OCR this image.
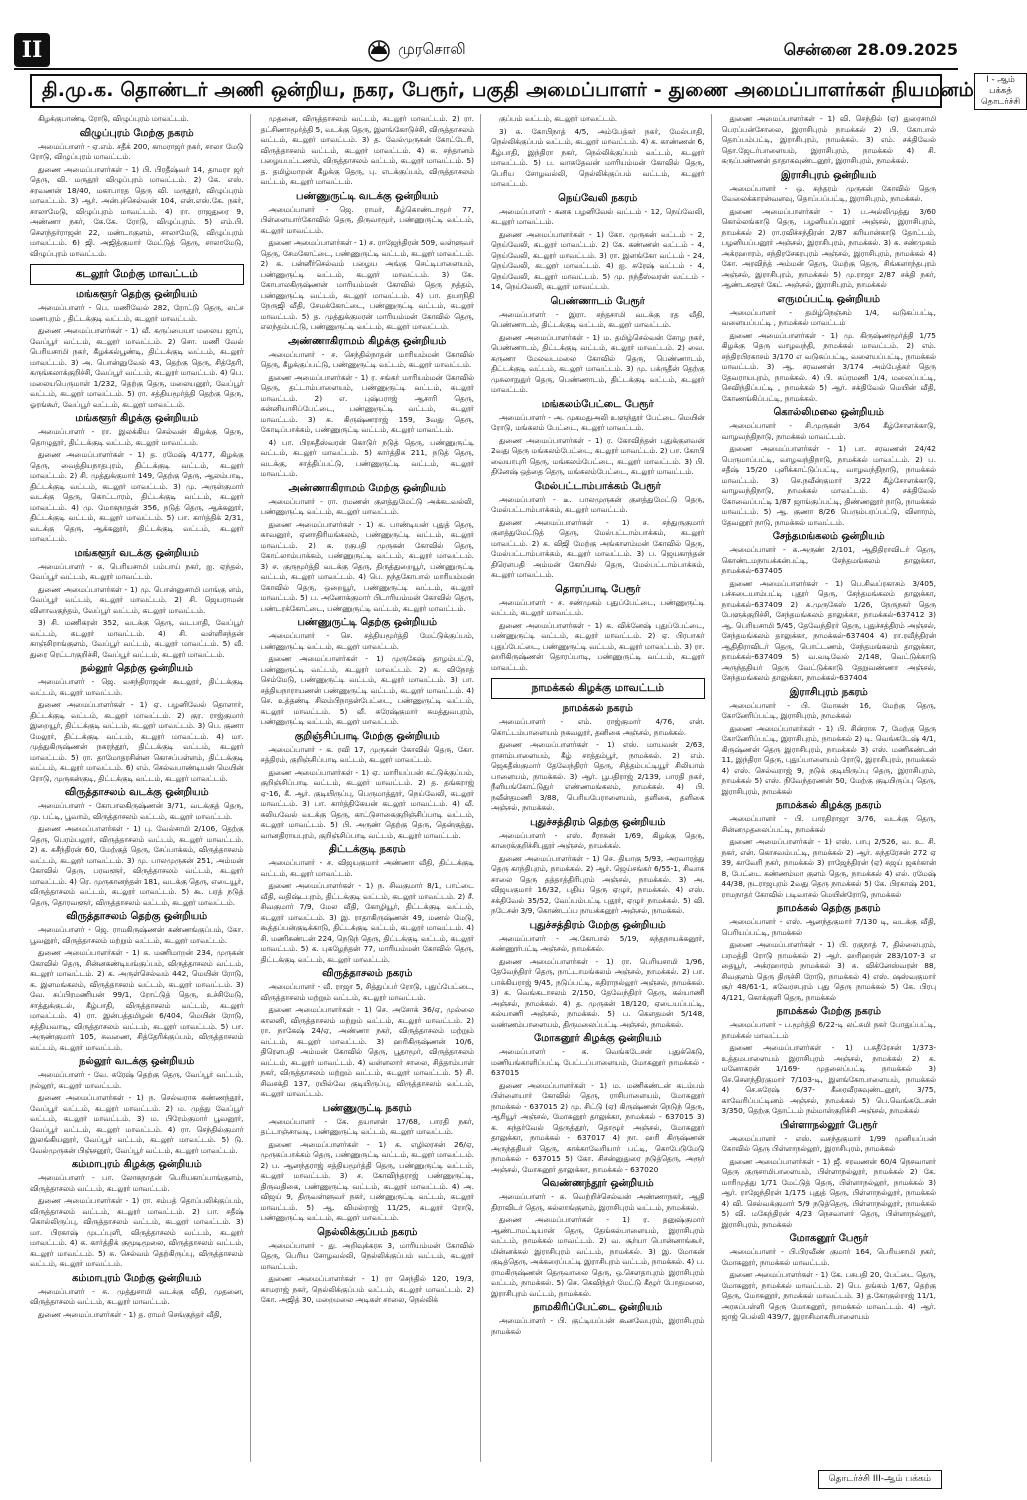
II	முரசொலி	சென்னை 28.09.2025
தி.மு.க. தொண்டர் அணி ஒன்றிய, நகர, பேரூர், பகுதி அமைப்பாளர் - துணை அமைப்பாளர்கள் நியமனம்	I - ஆம் பக்கத்
தொடர்ச்சி
கிழக்குபாண்டி ரோடு, விழுப்புரம் மாவட்டம்.
விழுப்புரம் மேற்கு நகரம்
அமைப்பாளர் - ஏ.எம். சதீக் 200, காமராஜர் நகர், சாலா மேடு ரோடு, விழுப்புரம் மாவட்டம்.
துணை அமைப்பாளர்கள் - 1) பி. பிரதீஷ்வர் 14, தாமரா ஜர் தெரு, வி. மருதூர் விழுப்புரம் மாவட்டம். 2) கே. எஸ். சரவணன் 18/40, மகாபாரத தெரு வி. மருதூர், விழுப்புரம் மாவட்டம். 3) ஆர். அன்புச்செல்வன் 104, என்.எஸ்.கே. நகர், சாலாமேடு, விழுப்புரம் மாவட்டம். 4) ரா. ராஜதுரை 9, அண்ணா நகர், கே.கே. ரோடு, விழுப்புரம். 5) எம்.பி. செளந்தர்ராஜன் 22, மண்டாகுளம், சாலாமேடு, விழுப்புரம் மாவட்டம். 6) ஜி. அஜித்குமார் மேட்டுத் தெரு, சாலாமேடு, விழுப்புரம் மாவட்டம்.
கடலூர் மேற்கு மாவட்டம்
மங்களூர் தெற்கு ஒன்றியம்
அமைப்பாளர் - பெ. மணிவேல் 282, ரோட்டு தெரு, லட்ச மணபுரம் , திட்டக்குடி வட்டம், கடலூர் மாவட்டம்.
துணை அமைப்பாளர்கள் - 1) வீ. கருப்பையா மலைய ஜாப், வேப்பூர் வட்டம், கடலூர் மாவட்டம். 2) சொ. மணி வேல் பெரியசாமி நகர், கீழக்கல்பூண்டி, திட்டக்குடி வட்டம், கடலூர் மாவட்டம். 3) அ. பொன்னுவேல் 43, தெற்கு தெரு, சித்தேரி, கருங்கலாக்குறிச்சி, வேப்பூர் வட்டம், கடலூர் மாவட்டம். 4) பெ. மலையபெருமாள் 1/232, தெற்கு தெரு, மலையனூர், வேப்பூர் வட்டம், கடலூர் மாவட்டம். 5) ரா. சத்தியமூர்த்தி தெற்கு தெரு, ஓரங்கூர், வேப்பூர் வட்டம், கடலூர் மாவட்டம்.
மங்களூர் கிழக்கு ஒன்றியம்
அமைப்பாளர் - ரா. இலக்கிய செல்வன் கிழக்கு தெரு, தொழுதூர், திட்டக்குடி வட்டம், கடலூர் மாவட்டம்.
துணை அமைப்பாளர்கள் - 1) த. ரமேஷ் 4/177, கிழக்கு தெரு, வைத்தியநாதபுரம், திட்டக்குடி வட்டம், கடலூர் மாவட்டம். 2) சி. முத்துக்குமார் 149, தெற்கு தெரு, ஆலம்பாடி, திட்டக்குடி வட்டம், கடலூர் மாவட்டம். 3) மு. அருள்குமார் வடக்கு தெரு, கொட்டாரம், திட்டக்குடி வட்டம், கடலூர் மாவட்டம். 4) மு. மோகநாதன் 356, நடுத் தெரு, ஆக்கனூர், திட்டக்குடி வட்டம், கடலூர் மாவட்டம். 5) பா. கார்த்திக் 2/31, வடக்கு தெரு, ஆக்கனூர், திட்டக்குடி வட்டம், கடலூர் மாவட்டம்.
மங்களூர் வடக்கு ஒன்றியம்
அமைப்பாளர் - சு. பெரியசாமி பம்பாய் நகர், ஐ. ஏந்தல், வேப்பூர் வட்டம், கடலூர் மாவட்டம்.
துணை அமைப்பாளர்கள் - 1) மு. பொன்னுசாமி மாங்கு ளம், வேப்பூர் வட்டம், கடலூர் மாவட்டம். 2) சி. ஜெயராமன் விளாவகுந்தம், வேப்பூர் வட்டம், கடலூர் மாவட்டம்.
3) சி. மணிகரன் 352, வடக்கு தெரு, வடபாதி, வேப்பூர் வட்டம், கடலூர் மாவட்டம். 4) சி. வள்ளிசந்தன் காஞ்சிராங்குளம், வேப்பூர் வட்டம், கடலூர் மாவட்டம். 5) வீ. துரை ரெட்டாகுறிச்சி, வேப்பூர் வட்டம், கடலூர் மாவட்டம்.
நல்லூர் தெற்கு ஒன்றியம்
அமைப்பாளர் - ஜெ. வசந்திராஜன் கூடலூர், திட்டக்குடி வட்டம், கடலூர் மாவட்டம்.
துணை அமைப்பாளர்கள் - 1) ஏ. பழனிவேல் தொளார், திட்டக்குடி வட்டம், கடலூர் மாவட்டம். 2) குர. ராஜ்குமார் இறையூர், திட்டக்குடி வட்டம், கடலூர் மாவட்டம். 3) பெ. குணா மேலூர், திட்டக்குடி வட்டம், கடலூர் மாவட்டம். 4) மா. முத்துகிருஷ்ணன் நகரந்தூர், திட்டக்குடி வட்டம், கடலூர் மாவட்டம். 5) ரா. தாமோதரசின்ன கொசப்பள்ளம், திட்டக்குடி வட்டம், கடலூர் மாவட்டம். 6) எம். செல்வபாண்டியன் மெயின் ரோடு, முருகன்குடி, திட்டக்குடி வட்டம், கடலூர் மாவட்டம்.
விருத்தாசலம் வடக்கு ஒன்றியம்
அமைப்பாளர் - கோபாலகிருஷ்ணன் 3/71, வடக்குத் தெரு, மு. பட்டி, பூவாம், விருத்தாசலம் வட்டம், கடலூர் மாவட்டம்.
துணை அமைப்பாளர்கள் - 1) பு. வேல்சாமி 2/106, தெற்கு தெரு, பெரம்பலூர், விருத்தாசலம் வட்டம், கடலூர் மாவட்டம். 2) க. சுசீந்திரன் 60, மேற்குத் தெரு, சேப்பாக்கம், விருத்தாசலம் வட்டம், கடலூர் மாவட்டம். 3) மு. பாலமுருகன் 251, அம்மன் கோவில் தெரு, பரவளூர், விருத்தாசலம் வட்டம், கடலூர் மாவட்டம். 4) ரெ. முருகானந்தன் 181, வடக்கு தெரு, எடையூர், விருத்தாசலம் வட்டம், கடலூர் மாவட்டம். 5) கூ. பரத் நடுத் தெரு, தொரவளூர், விருத்தாசலம் வட்டம், கடலூர் மாவட்டம்.
விருத்தாசலம் தெற்கு ஒன்றியம்
அமைப்பாளர் - ஜெ. ராமகிருஷ்ணன் கண்ணங்குப்பம், கோ. பூவனூர், விருத்தாசலம் மற்றும் வட்டம், கடலூர் மாவட்டம்.
துணை அமைப்பாளர்கள் - 1) க. மணிமாறன் 234, முருகன் கோவில் தெரு, சின்னகண்டியங்குப்பம், விருத்தாசலம் வட்டம், கடலூர் மாவட்டம். 2) க. அருள்செல்வம் 442, மெயின் ரோடு, க. இளமங்கலம், விருத்தாசலம் வட்டம், கடலூர் மாவட்டம். 3) வே. சுப்பிரமணியன் 99/1, ரோட்டுத் தெரு, உச்சிமேடு, சாத்துக்குடல், கீழ்பாதி, விருத்தாசலம் வட்டம், கடலூர் மாவட்டம். 4) ரா. இன்பத்தமிழன் 6/404, மெயின் ரோடு, சத்தியவாடி, விருத்தாசலம் வட்டம், கடலூர் மாவட்டம். 5) பா. அருண்குமார் 105, சுவணை, சித்தேரிக்குப்பம், விருத்தாசலம் வட்டம், கடலூர் மாவட்டம்.
நல்லூர் வடக்கு ஒன்றியம்
அமைப்பாளர் - வே. சுரேஷ் தெற்கு தெரு, வேப்பூர் வட்டம், நல்லூர், கடலூர் மாவட்டம்.
துணை அமைப்பாளர்கள் - 1) ந. செல்வராசு கண்ணந்தூர், வேப்பூர் வட்டம், கடலூர் மாவட்டம். 2) ம. முத்து வேப்பூர் வட்டம், கடலூர் மாவட்டம். 3) ம. பிரேம்குமார் பூவனூர், வேப்பூர் வட்டம், கடலூர் மாவட்டம். 4) ரா. செந்தில்குமார் இலங்கியனூர், வேப்பூர் வட்டம், கடலூர் மாவட்டம். 5) டு. வேல்முருகன் பிஞ்சனூர், வேப்பூர் வட்டம், கடலூர் மாவட்டம்.
கம்மாபுரம் கிழக்கு ஒன்றியம்
அமைப்பாளர் - பா. லோகநாதன் பெரியகாப்பாங்குளம், விருத்தாசலம் வட்டம், கடலூர் மாவட்டம்.
துணை அமைப்பாளர்கள் - 1) ரா. சம்பத் தொப்பலிக்குப்பம், விருத்தாசலம் வட்டம், கடலூர் மாவட்டம். 2) பா. சதீஷ் கொல்லிருப்பு, விருத்தாசலம் வட்டம், கடலூர் மாவட்டம். 3) மா. பிரகாஷ் முடப்புளி, விருத்தாசலம் வட்டம், கடலூர் மாவட்டம். 4) க. கார்த்திக் குமூடிமூலை, விருத்தாசலம் வட்டம், கடலூர் மாவட்டம். 5) சு. செல்வம் தெற்கிருப்பு, விருத்தாசலம் வட்டம், கடலூர் மாவட்டம்.
கம்மாபுரம் மேற்கு ஒன்றியம்
அமைப்பாளர் - சு. முத்துசாமி வடக்கு வீதி, முதனை, விருத்தாசலம் வட்டம், கடலூர் மாவட்டம்.
துணை அமைப்பாளர்கள் - 1) த. ராமர் செங்குந்தர் வீதி,
முதனை, விருத்தாசலம் வட்டம், கடலூர் மாவட்டம். 2) ரா. தட்சிணாமூர்த்தி 5, வடக்கு தெரு, இளங்கோடுச்சி, விருத்தாசலம் வட்டம், கடலூர் மாவட்டம். 3) த. வேல்முருகன் கோட்டேரி, விருத்தாசலம் வட்டம், கடலூர் மாவட்டம். 4) க. சந்தானம் பழையபட்டணம், விருத்தாசலம் வட்டம், கடலூர் மாவட்டம். 5) த. தமிழ்மாறன் கீழக்கு தெரு, பு. எடக்குப்பம், விருத்தாசலம் வட்டம், கடலூர் மாவட்டம்.
பண்ணுருட்டி வடக்கு ஒன்றியம்
அமைப்பாளர் - ஜெ. ராமர், கீழ்கொண்டாமூர் 77, பிள்ளையார்கோவில் தெரு, திருவாமூர், பண்ணுருட்டி வட்டம், கடலூர் மாவட்டம்.
துணை அமைப்பாளர்கள் - 1) ச. ராஜேந்திரன் 509, வள்ளுவர் தெரு, சேமகோட்டை, பண்ணுருட்டி வட்டம், கடலூர் மாவட்டம். 2) க. பன்னீர்செல்வம் பழைய அங்கு செட்டிபாளையம், பண்ணுருட்டி வட்டம், கடலூர் மாவட்டம். 3) கே. கோபாலகிருஷ்ணன் மாரியம்மன் கோவில் தெரு நத்தம், பண்ணுருட்டி வட்டம், கடலூர் மாவட்டம். 4) பா. தயாநிதி நேருஜி வீதி, சேமக்கோட்டை, பண்ணுருட்டி வட்டம், கடலூர் மாவட்டம். 5) த. முத்துக்குமரன் மாரியம்மன் கோவில் தெரு, எலந்தம்பட்டு, பண்ணுருட்டி வட்டம், கடலூர் மாவட்டம்.
அண்ணாகிராமம் கிழக்கு ஒன்றியம்
அமைப்பாளர் - ச. செந்தில்நாதன் மாரியம்மன் கோவில் தெரு, கீழக்குப்பட்டு, பண்ணுருட்டி வட்டம், கடலூர் மாவட்டம்.
துணை அமைப்பாளர்கள் - 1) ர. சங்கர் மாரியம்மன் கோவில் தெரு, தட்டாம்பாளையம், பண்ணுருட்டி வட்டம், கடலூர் மாவட்டம். 2) எ. புஷ்பராஜ் ஆசாரி தெரு, கன்னியாசிப்பேட்டை, பண்ணுருட்டி வட்டம், கடலூர் மாவட்டம். 3) சு. கிருஷ்ணராஜ் 159, 3வது தெரு, கோடிப்பாக்கம், பண்ணுருட்டி வட்டம், கடலூர் மாவட்டம்.
4) பா. பிரசுதீஸ்வரன் கொடுர் நடுத் தெரு, பண்ணுருட்டி வட்டம், கடலூர் மாவட்டம். 5) கார்த்திசு 211, நடுத் தெரு, வடக்கு, சாத்திப்பட்டு, பண்ணுருட்டி வட்டம், கடலூர் மாவட்டம்.
அண்ணாகிராமம் மேற்கு ஒன்றியம்
அமைப்பாளர் - ரா. ரமணன் குளத்துமேட்டு அக்கடவல்லி, பண்ணுருட்டி வட்டம், கடலூர் மாவட்டம்.
துணை அமைப்பாளர்கள் - 1) க. பாண்டியன் புதுத் தெரு, காவனூர், ஏனாதிரிமங்கலம், பண்ணுருட்டி வட்டம், கடலூர் மாவட்டம். 2) க. ரகுபதி முருகன் கோவில் தெரு, கோட்லாம்பாக்கம், பண்ணுருட்டி வட்டம், கடலூர் மாவட்டம். 3) ச. குருமூர்த்தி வடக்கு தெரு, திருத்துறையூர், பண்ணுருட்டி வட்டம், கடலூர் மாவட்டம். 4) பெ. நந்தகோபால் மாரியம்மன் கோவில் தெரு, ஒறையூர், பண்ணுருட்டி வட்டம், கடலூர் மாவட்டம். 5) ப. அனோக்குமார் பிடாரியம்மன் கோவில் தெரு, பண்டரக்கோட்டை, பண்ணுருட்டி வட்டம், கடலூர் மாவட்டம்.
பண்ணுருட்டி தெற்கு ஒன்றியம்
அமைப்பாளர் - செ. சத்தியமூர்த்தி மேட்டுக்குப்பம், பண்ணுருட்டி வட்டம், கடலூர் மாவட்டம்.
துணை அமைப்பாளர்கள் - 1) முருகேஷ் தாழம்பட்டு, பண்ணுருட்டி வட்டம், கடலூர் மாவட்டம். 2) க. விநோத் செம்மேடு, பண்ணுருட்டி வட்டம், கடலூர் மாவட்டம். 3) பா. சத்தியநாராயணன் பண்ணுருட்டி வட்டம், கடலூர் மாவட்டம். 4) செ. உத்தண்டி சிலம்பிநாதன்பேட்டை, பண்ணுருட்டி வட்டம், கடலூர் மாவட்டம். 5) வீ. சுரேஷ்குமார் சுமத்துவபுரம், பண்ணுருட்டி வட்டம், கடலூர் மாவட்டம்.
குறிஞ்சிப்பாடி மேற்கு ஒன்றியம்
அமைப்பாளர் - க. ரவி 17, முருகன் கோவில் தெரு, கோ. சத்திரம், குறிஞ்சிப்பாடி வட்டம், கடலூர் மாவட்டம்.
துணை அமைப்பாளர்கள் - 1) ஏ. மாரியப்பன் சுட்டுக்குப்பம், குறிஞ்சிப்பாடி வட்டம், கடலூர் மாவட்டம். 2) த. தங்கராஜ் ஏ-16, கீ. ஆர். குடியிருப்பு, பெருமாத்தூர், நெய்வேலி, கடலூர் மாவட்டம். 3) பா. கார்த்திகேயன் கடலூர் மாவட்டம். 4) வீ. கலியவேல் வடக்கு தெரு, காட்டுசாகைகுறிஞ்சிப்பாடி வட்டம், கடலூர் மாவட்டம். 5) பி. அருண் தெற்கு தெரு, தென்குத்து, வானதிராயபுரம், குறிஞ்சிப்பாடி வட்டம், கடலூர் மாவட்டம்.
திட்டக்குடி நகரம்
அமைப்பாளர் - ச. விஜயகுமார் அண்ணா வீதி, திட்டக்குடி வட்டம், கடலூர் மாவட்டம்.
துணை அமைப்பாளர்கள் - 1) ந. சிவகுமார் 8/1, பாட்டை வீதி, வதிஷ்டபுரம், திட்டக்குடி வட்டம், கடலூர் மாவட்டம். 2) சீ. சிவகுமார் 7/9, மேல வீதி, கோழியூர், திட்டக்குடி வட்டம், கடலூர் மாவட்டம். 3) இ. ராதாகிருஷ்ணன் 49, மணல் மேடு, கூத்தப்பன்குடிக்காடு, திட்டக்குடி வட்டம், கடலூர் மாவட்டம். 4) சி. மணிகண்டன் 224, நெடுந் தெரு, திட்டக்குடி வட்டம், கடலூர் மாவட்டம். 5) க. புகழேந்தன் 77, மாரியம்மன் கோவில் தெரு, திட்டக்குடி வட்டம், கடலூர் மாவட்டம்.
விருத்தாசலம் நகரம்
அமைப்பாளர் - வீ. ராஜா 5, சித்துப்பர் ரோடு, புதுப்பேட்டை, விருத்தாசலம் மற்றும் வட்டம், கடலூர் மாவட்டம்.
துணை அமைப்பாளர்கள் - 1) செ. அசோக் 36/ஏ, முல்லை காலனி, விருத்தாசலம் மற்றும் வட்டம், கடலூர் மாவட்டம். 2) ரா. நாகேஷ் 24/ஏ, அண்ணா நகர், விருத்தாசலம் மற்றும் வட்டம், கடலூர் மாவட்டம். 3) ஹரிகிருஷ்ணன் 10/6, திரௌபதி அம்மன் கோவில் தெரு, பூதாமூர், விருத்தாசலம் வட்டம், கடலூர் மாவட்டம். 4) வள்ளலார் சாலை, சித்தாம்பாள் நகர், விருத்தாசலம் மற்றும் வட்டம், கடலூர் மாவட்டம். 5) சி. சிவசக்தி 137, ரயில்வே குடியிருப்பு, விருத்தாசலம் வட்டம், கடலூர் மாவட்டம்.
பண்ணுருட்டி நகரம்
அமைப்பாளர் - கே. தயாளன் 17/68, பாரதி நகர், தட்டாஞ்சாவடி, பண்ணுருட்டி வட்டம், கடலூர் மாவட்டம்.
துணை அமைப்பாளர்கள் - 1) க. எழிலரசன் 26/ஏ, முருகப்பாக்கம் தெரு, பண்ணுருட்டி வட்டம், கடலூர் மாவட்டம். 2) ப. ஆனந்தராஜ் சத்தியமூர்த்தி தெரு, பண்ணுருட்டி வட்டம், கடலூர் மாவட்டம். 3) ச. கோவிந்தராஜ் பண்ணுருட்டி, திருவதிகை, பண்ணுருட்டி வட்டம், கடலூர் மாவட்டம். 4) அ. விஜய் 9, திருவள்ளுவர் நகர், பண்ணுருட்டி வட்டம், கடலூர் மாவட்டம். 5) ஆ. விமல்ராஜ் 11/25, கடலூர் ரோடு, பண்ணுருட்டி வட்டம், கடலூர் மாவட்டம்.
நெல்லிக்குப்பம் நகரம்
அமைப்பாளர் - து. அறிவுக்கரசு 3, மாரியம்மன் கோவில் தெரு, பெரிய சோழவல்லி, நெல்லிக்குப்பம் வட்டம், கடலூர் மாவட்டம்.
துணை அமைப்பாளர்கள் - 1) ரா செந்தில் 120, 19/3, காமராஜ் நகர், நெல்லிக்குப்பம் வட்டம், கடலூர் மாவட்டம். 2) கோ. அஜித் 30, மறைமலை அடிகள் சாலை, நெல்லிக்
குப்பம் வட்டம், கடலூர் மாவட்டம்.
3) சு. கோபிநாத் 4/5, அம்பேத்கர் நகர், மேல்பாதி, நெல்லிக்குப்பம் வட்டம், கடலூர் மாவட்டம். 4) க. காண்ணன் 6, கீழ்பாதி, இந்திரா நகர், நெல்லிக்குப்பம் வட்டம், கடலூர் மாவட்டம். 5) ப. வாசுதேவன் மாரியம்மன் கோவில் தெரு, பெரிய சோழவல்லி, நெல்லிக்குப்பம் வட்டம், கடலூர் மாவட்டம்.
நெய்வேலி நகரம்
அமைப்பாளர் - கனக பழனிவேல் வட்டம் - 12, நெய்வேலி, கடலூர் மாவட்டம்.
துணை அமைப்பாளர்கள் - 1) கோ. முருகன் வட்டம் - 2, நெய்வேலி, கடலூர் மாவட்டம். 2) கே. கண்ணன் வட்டம் - 4, நெய்வேலி, கடலூர் மாவட்டம். 3) ரா. இளங்கோ வட்டம் - 24, நெய்வேலி, கடலூர் மாவட்டம். 4) ஐ. சுரேஷ் வட்டம் - 4, நெய்வேலி, கடலூர் மாவட்டம். 5) மு. நந்தீஸ்வரன் வட்டம் - 14, நெய்வேலி, கடலூர் மாவட்டம்.
பெண்ணாடம் பேரூர்
அமைப்பாளர் - இரா. சந்தசாமி வடக்கு ரத வீதி, பெண்ணாடம், திட்டக்குடி வட்டம், கடலூர் மாவட்டம்.
துணை அமைப்பாளர்கள் - 1) ம. தமிழ்செல்வன் சோழ நகர், பெண்ணாடம், திட்டக்குடி வட்டம், கடலூர் மாவட்டம். 2) வை. கருணா மேலவடமலை கோவில் தெரு, பெண்ணாடம், திட்டக்குடி வட்டம், கடலூர் மாவட்டம். 3) மு. பக்ருதீன் தெற்கு முசுலாநுதுர் தெரு, பெண்ணாடம், திட்டக்குடி வட்டம், கடலூர் மாவட்டம்.
மங்கலம்பேட்டை பேரூர்
அமைப்பாளர் - அ. முகமதுஅலி உளுந்தூர் பேட்டை மெயின் ரோடு, மங்கலம் பேட்டை, கடலூர் மாவட்டம்.
துணை அமைப்பாளர்கள் - 1) ர. கோவிந்தன் புதுக்குளவன் 2வது தெரு மங்கலம்பேட்டை, கடலூர் மாவட்டம். 2) பா. கோபி வையாபுரி தெரு, மங்கலம்பேட்டை, கடலூர் மாவட்டம். 3) பி. தினேஷ் ஒத்தை தெரு, மங்கலம்பேட்டை, கடலூர் மாவட்டம்.
மேல்பட்டாம்பாக்கம் பேரூர்
அமைப்பாளர் - டீ. பாலமுருகன் குளத்துமேட்டு தெரு, மேல்பட்டாம்பாக்கம், கடலூர் மாவட்டம்.
துணை அமைப்பாளர்கள் - 1) ச. சந்துருகுமார் குளத்துமேட்டுத் தெரு, மேல்பட்டாம்பாக்கம், கடலூர் மாவட்டம். 2) க. விஜி மேற்கு அங்காளம்மன் கோவில் தெரு, மேல்பட்டாம்பாக்கம், கடலூர் மாவட்டம். 3) ப. ஜெயகாந்தன் திரௌபதி அம்மன் கோயில் தெரு, மேல்பட்டாம்பாக்கம், கடலூர் மாவட்டம்.
தொரப்பாடி பேரூர்
அமைப்பாளர் - ச. சண்முகம் புதுப்பேட்டை, பண்ணுருட்டி வட்டம், கடலூர் மாவட்டம்.
துணை அமைப்பாளர்கள் - 1) க. விக்னேஷ் புதுப்பேட்டை, பண்ணுருட்டி வட்டம், கடலூர் மாவட்டம். 2) ஏ. பிரபாகர் புதுப்பேட்டை, பண்ணுருட்டி வட்டம், கடலூர் மாவட்டம். 3) ரா. ஹரிகிருஷ்ணன் தொரப்பாடி, பண்ணுருட்டி வட்டம், கடலூர் மாவட்டம்.
நாமக்கல் கிழக்கு மாவட்டம்
நாமக்கல் நகரம்
அமைப்பாளர் - எம். ராஜ்குமார் 4/76, என். கொட்டம்பாளையம் நகவலூர், தனிகை அஞ்சல், நாமக்கல்.
துணை அமைப்பாளர்கள் - 1) எஸ். மாயவன் 2/63, ராசாம்பாளையம், கீழ் சாத்தம்பூர், நாமக்கல். 2) எம். ஜெகதீஸ்குமார் தேவேந்திரர் தெரு, சித்தம்பட்டியூர் சிலியாம் பாளையம், நாமக்கல். 3) ஆர். பூபதிராஜ் 2/139, பாரதி நகர், நீளியங்கோட்டுதுர் எண்ணமங்கலம், நாமக்கல். 4) பி. நவீன்தமணி 3/88, பெரியபேராளையம், தளிகை, தளிகை அஞ்சல், நாமக்கல்.
புதுச்சத்திரம் தெற்கு ஒன்றியம்
அமைப்பாளர் - எஸ். சீராசுன் 1/69, கிழக்கு தெரு, காரைக்குறிச்சிபுதூர் அஞ்சல், நாமக்கல்.
துணை அமைப்பாளர்கள் - 1) செ. தியாகு 5/93, அரவாரத்து தெரு காந்திபுரம், நாமக்கல். 2) ஆர். ஜெய்சங்கர் 6/55-1, சிவாசு சாலை தெரு தத்தாத்திரிபுரம் அஞ்சல், நாமக்கல். 3) அ. விஜயகுமார் 16/32, புதிய தெரு ஏழுர், நாமக்கல். 4) எஸ். சக்திவேல் 35/52, வேப்பம்பட்டி புதூர், ஏழுர் நாமக்கல். 5) வி. நடேசன் 3/9, கொண்டப்ப நாயக்கனூர் அஞ்சல், நாமக்கல்.
புதுச்சத்திரம் மேற்கு ஒன்றியம்
அமைப்பாளர் - அ.கோபால் 5/19, சுந்தநாயக்கனூர், கண்ணூர்பட்டி அஞ்சல், நாமக்கல்.
துணை அமைப்பாளர்கள் - 1) ரா. பெரியசாமி 1/96, தேவேந்திரர் தெரு, நாட்டாமங்கலம் அஞ்சல், நாமக்கல். 2) பா. பாக்கியராஜ் 9/45, நடுப்பட்டி, கதிராநல்லூர் அஞ்சல், நாமக்கல். 3) க. வெங்கடாசலம் 2/150, தேவேந்திரர் தெரு, கல்யாணி அஞ்சல், நாமக்கல். 4) த. முருகன் 18/120, ஏடையப்பட்டி, கல்யாணி அஞ்சல், நாமக்கல். 5) ப. கௌதமன் 5/148, வண்ணம்பாளையம், திருமலைப்பட்டி அஞ்சல், நாமக்கல்.
மோகனூர் கிழக்கு ஒன்றியம்
அமைப்பாளர் - க. வெங்கடேசன் புதுக்கெடு, மணியங்காளிப்பட்டி பேட்டப்பாளையம், மோகனூர் நாமக்கல் - 637015
துணை அமைப்பாளர்கள் - 1) ம. மணிகண்டன் கடம்பம் பிள்ளையார் கோவில் தெரு, ராசிபாளையம், மோகனூர் நாமக்கல் - 637015 2) மு. சிட்டு (ஏ) கிருஷ்ணன் நெடுந் தெரு, ஆரியூர் அஞ்சல், மோகனூர் தாலுக்கா, நாமக்கல் - 637015 3) க. சுந்தர்வேல் தெருத்தூர், தொழூர் அஞ்சல், மோகனூர் தாலுக்கா, நாமக்கல் - 637017 4) நா. ஹரி கிருஷ்ணன் அருந்ததியர் தெரு, காக்காவேரியார் பட்டி, கொபேடுமேடு நாமக்கல் - 637015 5) கோ. சிசன்னுதுரை நடுத்தெரு, அரூர் அஞ்சல், மோகனூர் தாலுக்கா, நாமக்கல் - 637020
வெண்ணந்தூர் ஒன்றியம்
அமைப்பாளர் - சு. வெற்றிச்செல்வன் அண்ணாநகர், ஆதி திராவிடர் தெரு, கல்லாங்குளம், இராசிபுரம் வட்டம், நாமக்கல்.
துணை அமைப்பாளர்கள் - 1) ர. தனுஷ்குமார் ஆண்டாமட்டியான் தெரு, தேங்கல்பாளையம், இராசிபுரம் வட்டம், நாமக்கல் மாவட்டம். 2) வ. சூர்யா பொன்னாங்கூர், மின்னக்கல் இராசிபுரம் வட்டம், நாமக்கல். 3) இ. மோகன் குடித்தெரு, அக்கரைப்பட்டி இராசிபுரம் வட்டம், நாமக்கல். 4) ப. ராமகிருஷ்ணன் தெருவாலை தெரு, ஒ.சௌதாபுரம் இராசிபுரம் வட்டம், நாமக்கல். 5) செ. கெவிந்தர் மேட்டு கீழூர் போதமலை, இராசிபுரம் வட்டம், நாமக்கல்.
நாமகிரிப்பேட்டை ஒன்றியம்
அமைப்பாளர் - பி. குட்டியப்பன் கூனவேபுரம், இராசிபுரம் நாமக்கல்
துணை அமைப்பாளர்கள் - 1) வி. செந்தில் (ஏ) துரைசாமி பெரப்பன்சோலை, இராசிபுரம் நாமக்கல் 2) பி. கோபால் தொப்பம்பட்டி, இராசிபுரம், நாமக்கல். 3) எம். சக்திவேல் தொ.ஜேடர்பாளையம், இராசிபுரம், நாமக்கல் 4) சி. கருப்பண்ணன் தாதாகவுண்டனூர், இராசிபுரம், நாமக்கல்.
இராசிபுரம் ஒன்றியம்
அமைப்பாளர் - ஒ. சுந்தரம் முருகன் கோவில் தெரு வேலைக்காரன்வளவு, தொப்பப்பட்டி, இராசிபுரம், நாமக்கல்.
துணை அமைப்பாளர்கள் - 1) ப.அல்லிமுத்து 3/60 கொல்லங்காடு தெரு, பழனியப்பனூர் அஞ்சல், இராசிபுரம், நாமக்கல் 2) ரா.ரவிச்சந்திரன் 2/87 கரியான்காடு தோட்டம், பழனியப்பனூர் அஞ்சல், இராசிபுரம், நாமக்கல். 3) சு. சண்முகம் அக்ரஹாரம், சந்திரசேகரபுரம் அஞ்சல், இராசிபுரம், நாமக்கல் 4) கோ. அரவிந்த் அம்மன் தெரு, மேற்கு தெரு, சிங்களாந்தபுரம் அஞ்சல், இராசிபுரம், நாமக்கல் 5) மு.ராஜா 2/87 சக்தி நகர், ஆண்டகளூர் கேட் அஞ்சல், இராசிபுரம், நாமக்கல்
எருமப்பட்டி ஒன்றியம்
அமைப்பாளர் - தமிழ்நெஞ்சம் 1/4, வடுகப்பட்டி, வளையப்பட்டி , நாமக்கல் மாவட்டம்
துணை அமைப்பாளர்கள் - 1) மு. கிருஷ்ணமூர்த்தி 1/75 கிழக்கு தெரு வாழவந்தி, நாமக்கல் மாவட்டம். 2) எம். சந்திரபிரகாசம் 3/170 எ வடுகப்பட்டி, வளையப்பட்டி, நாமக்கல் மாவட்டம். 3) ஆ. சரவணன் 3/174 அம்பேத்கர் தெரு தேவராயபுரம், நாமக்கல். 4) பி. சுப்ரமணி 1/4, மலைப்பட்டி, செவிந்திப்பட்டி , நாமக்கல் 5) ஆர். சக்திவேல் மெயின் வீதி, கோணங்கிப்பட்டி, நாமக்கல்.
கொல்லிமலை ஒன்றியம்
அமைப்பாளர் - சி.முருகன் 3/64 கீழ்சோளக்காடு, வாழவந்திநாடு, நாமக்கல் மாவட்டம்.
துணை அமைப்பாளர்கள் - 1) பா. சரவணன் 24/42 பெருமாப்பட்டி, வாழவந்திநாடு, நாமக்கல் மாவட்டம். 2) ப. சதீஷ் 15/20 புளிக்காட்டுப்பட்டி, வாழவந்திநாடு, நாமக்கல் மாவட்டம். 3) செ.நவீன்குமார் 3/22 கீழ்சோளக்காடு, வாழவந்திநாடு, நாமக்கல் மாவட்டம். 4) சக்திவேல் கோவைப்பட்டி 1/87 ஜாங்குப்பட்டி, திண்ணனூர் நாடு, நாமக்கல் மாவட்டம். 5) ஆ. குணா 8/26 பெரும்பரப்பட்டு, விளாரம், தேவனூர் நாடு, நாமக்கல் மாவட்டம்.
சேந்தமங்கலம் ஒன்றியம்
அமைப்பாளர் - சு.அருண் 2/101, ஆதிதிராவிடர் தெரு, கொண்டமநாயக்கன்பட்டி, சேந்தமங்கலம் தாலுக்கா, நாமக்கல்-637405
துணை அமைப்பாளர்கள் - 1) பெ.சிவப்ரகாசம் 3/405, பச்சுடையாம்பட்டி புதூர் தெரு, சேந்தமங்கலம் தாலுக்கா, நாமக்கல்-637409 2) சு.முருகேஸ் 1/26, நேருநகர் தெரு பேளுக்குறிச்சி, சேந்தமங்கலம் தாலுக்கா, நாமக்கல்-637412 3) ஆ. பெரியசாமி 5/45, தேவேந்திரர் தெரு, புதுச்சத்திரம் அஞ்சல், சேந்தமங்கலம் தாலுக்கா, நாமக்கல்-637404 4) ரா.ரவீந்திரன் ஆதிதிராவிடர் தெரு, பொட்டணம், சேந்தமங்கலம் தாலுக்கா, நாமக்கல்-637409 5) வ.வடிவேல் 2/148, வெட்டுக்காடு அருந்ததியர் தெரு வேட்டுக்காடு தேறுவண்ணா அஞ்சல், சேந்தமங்கலம் தாலுக்கா, நாமக்கல்-637404
இராசிபுரம் நகரம்
அமைப்பாளர் - பி. மோகன் 16, மேற்கு தெரு, கோனேரிப்பட்டி, இராசிபுரம், நாமக்கல்
துணை அமைப்பாளர்கள் - 1) பி. சின்ராசு 7, மேற்கு தெரு கோனேரிப்பட்டி, இராசிபுரம், நாமக்கல் 2) டி. வெங்கடேஷ் 4/1, கிருஷ்ணன் தெரு இராசிபுரம், நாமக்கல் 3) எஸ். மணிகண்டன் 11, இந்திரா தெரு, புதுப்பாளையம் ரோடு, இராசிபுரம், நாமக்கல் 4) எஸ். செல்வராஜ் 9, நடுக் குடியிருப்பு தெரு, இராசிபுரம், நாமக்கல் 5) எஸ். நிவேந்தரணன் 50, மேற்கு குடியிருப்பு தெரு, இராசிபுரம், நாமக்கல்
நாமக்கல் கிழக்கு நகரம்
அமைப்பாளர் - பி. பாரதிராஜா 3/76, வடக்கு தெரு, சின்னமுதலைப்பட்டி, நாமக்கல்
துணை அமைப்பாளர்கள் - 1) எஸ். பாபு 2/526, வ. உ. சி. நகர், என். கொசவம்பட்டி, நாமக்கல் 2) ஆர். சுந்தரேசன் 272 ஏ 39, காவேரி நகர், நாமக்கல் 3) ராஜேந்திரன் (ஏ) சுஜய் ஜகர்கான் 8, பேட்டை கண்ணம்மா குளம் தெரு, நாமக்கல் 4) எல். ரமேஷ் 44/38, நடராஜபுரம் 2வது தெரு நாமக்கல் 5) கே. பிரகாஷ் 201, ராமநாதர் கோவில் படிவாசல் மெயின்ரோடு, நாமக்கல்
நாமக்கல் தெற்கு நகரம்
அமைப்பாளர் - எஸ். ஆனந்தகுமார் 7/130 டி, வடக்கு வீதி, பெரியப்பட்டி, நாமக்கல்
துணை அமைப்பாளர்கள் - 1) பி. ரகுநாத் 7, தில்லைபுரம், பரமத்தி ரோடு நாமக்கல் 2) ஆர். ஹரிஹரன் 283/107-3 எ தையூர், அக்ரஹாரம் நாமக்கல் 3) சு. விக்னேஸ்வரன் 88, சிவகுளம் தெரு திருச்சி ரோடு, நாமக்கல் 4) எஸ். ஷஸ்வகுமார் சூர் 48/61-1, கவேரசபுரம் புது தெரு நாமக்கல் 5) கே. பிரபு 4/121, கொக்குளி தெரு, நாமக்கல்
நாமக்கல் மேற்கு நகரம்
அமைப்பாளர் - ப.மூர்த்தி 6/22-டி லட்சுமி நகர் போதுப்பட்டி, நாமக்கல் மாவட்டம்
துணை அமைப்பாளர்கள் - 1) ப.சுதீரேசன் 1/373-உத்தமபாளையம் இராசிபுரம் அஞ்சல், நாமக்கல் 2) க. மனோகரன் 1/169- முதலைப்பட்டி நாமக்கல் 3) செ.சௌந்திரகுமார் 7/103-டி, இளங்கோபாளையம், நாமக்கல் 4) செ.சுரேஷ் 6/37- கீரைவீரகவுண்டனூர், 3/75, காவேரிப்பட்டினம் அஞ்சல், நாமக்கல் 5) பெ.வெங்கடேசன் 3/350, தெற்கு தோட்டம் நம்மாள்குறிச்சி அஞ்சல், நாமக்கல்
பிள்ளாநல்லூர் பேரூர்
அமைப்பாளர் - எஸ். வசந்தகுமார் 1/99 முனியப்பன் கோவில் தெரு பிள்ளாநல்லூர், இராசிபுரம், நாமக்கல்
துணை அமைப்பாளர்கள் - 1) ஜீ. சரவணன் 60/4 நெசவாளர் தெரு குருசாமிபாளையம், பிள்ளாநல்லூர், நாமக்கல் 2) கே. மாரிமுத்து 1/71 மேட்டுத் தெரு, பிள்ளாநல்லூர், நாமக்கல் 3) ஆர். ராஜேந்திரன் 1/175 புதுத் தெரு, பிள்ளாநல்லூர், நாமக்கல் 4) வி. செல்வக்குமார் 5/9 நடுத்தெரு, பிள்ளாநல்லூர், நாமக்கல் 5) வி. மகேந்திரன் 4/23 நெசவாளர் தெரு, பிள்ளாநல்லூர், இராசிபுரம், நாமக்கல்
மோகனூர் பேரூர்
அமைப்பாளர் - பி.பிரவீண் குமார் 164, பெரியசாமி நகர், மோகனூர், நாமக்கல் மாவட்டம்.
துணை அமைப்பாளர்கள் - 1) கே. பசுபதி 20, பேட்டை தெரு, மோகனூர், நாமக்கல் மாவட்டம். 2) பெ. தங்கம் 1/67, தெற்கு தெரு, மோகனூர், நாமக்கல் மாவட்டம். 3) த.கோகுல்ராஜ் 11/1, அரசுப்பள்ளி தெரு மோகனூர், நாமக்கல் மாவட்டம். 4) ஆர். ஜாஜ் பெல்லி 439/7, இராசிமாகரிபாளையம்
தொடர்ச்சி III-ஆம் பக்கம்
